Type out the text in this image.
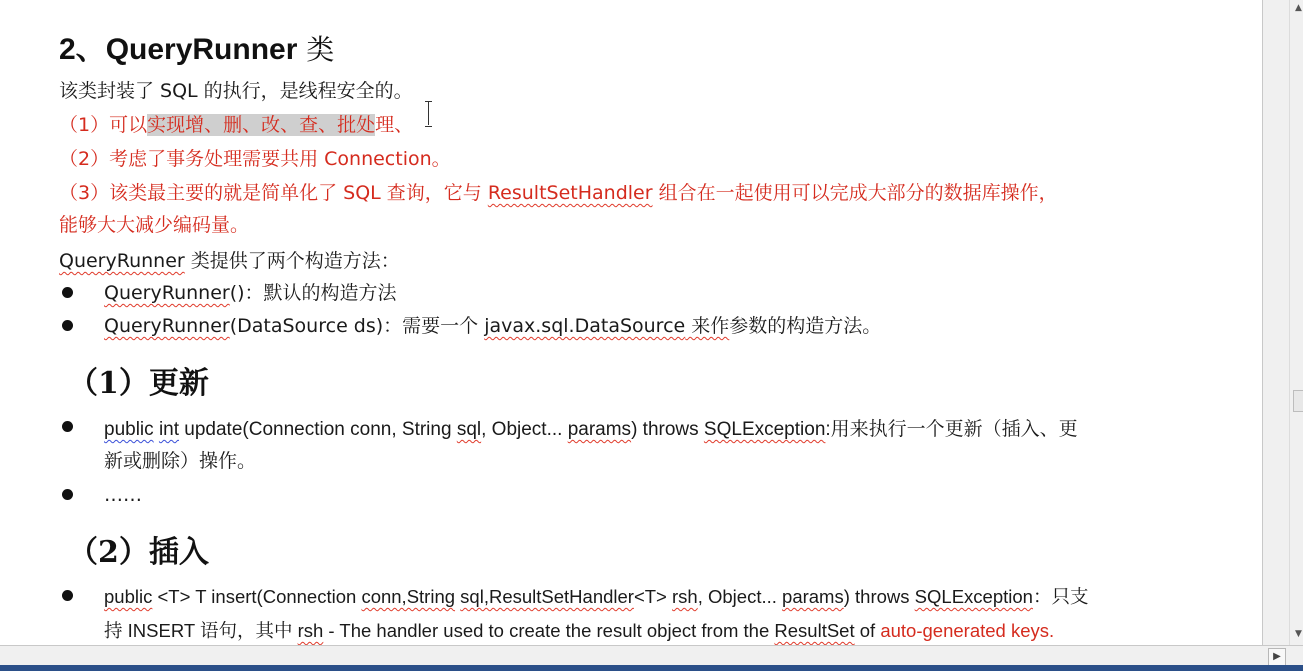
2、QueryRunner 类
该类封装了 SQL 的执行，是线程安全的。
（1）可以实现增、删、改、查、批处理、
（2）考虑了事务处理需要共用 Connection。
（3）该类最主要的就是简单化了 SQL 查询，它与 ResultSetHandler 组合在一起使用可以完成大部分的数据库操作，
能够大大减少编码量。
QueryRunner 类提供了两个构造方法：
QueryRunner()：默认的构造方法
QueryRunner(DataSource ds)：需要一个 javax.sql.DataSource 来作参数的构造方法。
（1）更新
public int update(Connection conn, String sql, Object... params) throws SQLException:用来执行一个更新（插入、更
新或删除）操作。
……
（2）插入
public <T> T insert(Connection conn,String sql,ResultSetHandler<T> rsh, Object... params) throws SQLException：只支
持 INSERT 语句，其中 rsh - The handler used to create the result object from the ResultSet of auto-generated keys.
▲
▼
▶
